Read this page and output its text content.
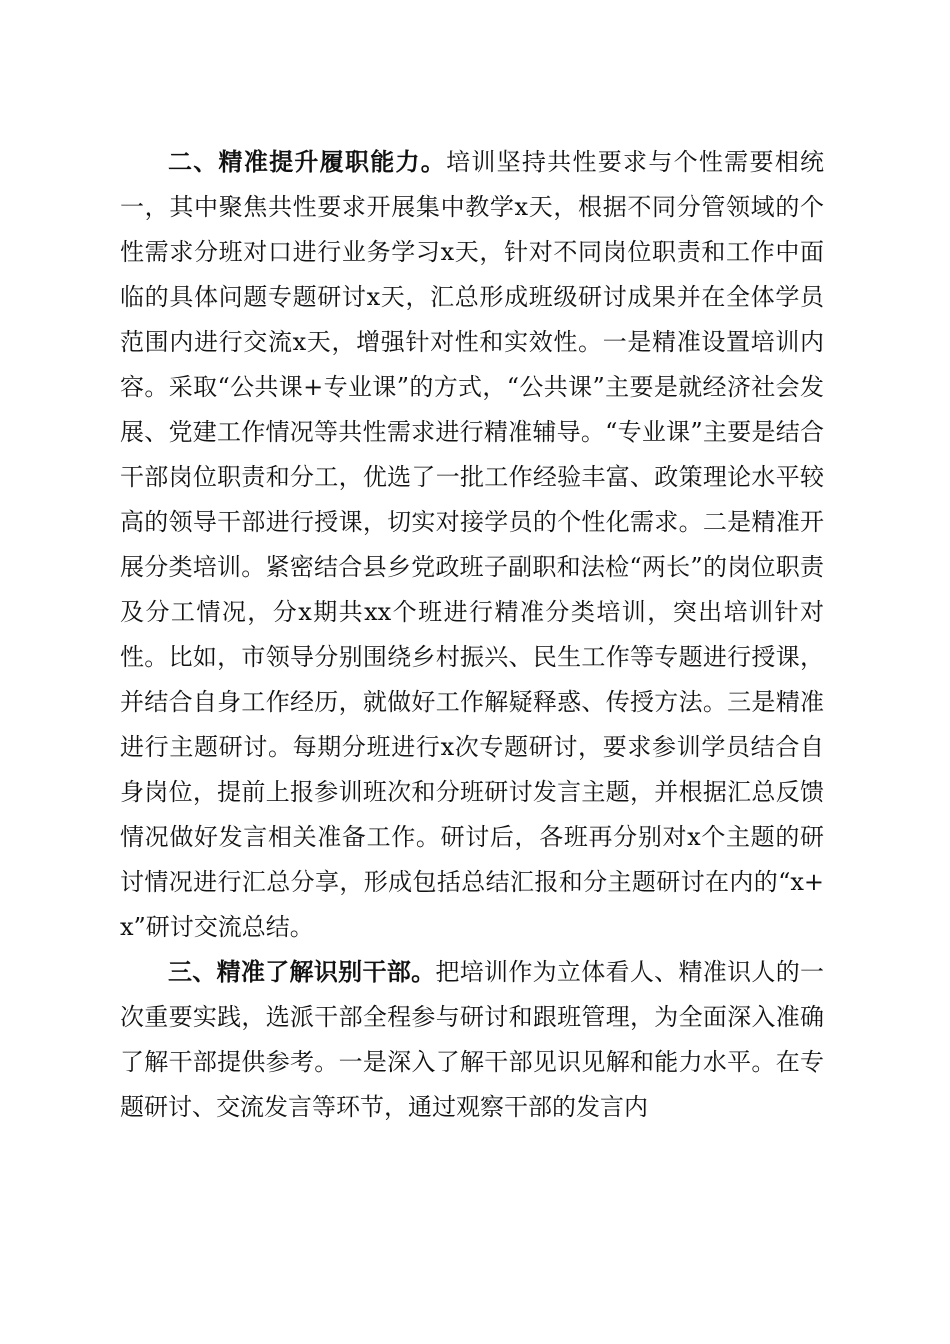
二、精准提升履职能力。培训坚持共性要求与个性需要相统一，其中聚焦共性要求开展集中教学x天，根据不同分管领域的个性需求分班对口进行业务学习x天，针对不同岗位职责和工作中面临的具体问题专题研讨x天，汇总形成班级研讨成果并在全体学员范围内进行交流x天，增强针对性和实效性。一是精准设置培训内容。采取“公共课+专业课”的方式，“公共课”主要是就经济社会发展、党建工作情况等共性需求进行精准辅导。“专业课”主要是结合干部岗位职责和分工，优选了一批工作经验丰富、政策理论水平较高的领导干部进行授课，切实对接学员的个性化需求。二是精准开展分类培训。紧密结合县乡党政班子副职和法检“两长”的岗位职责及分工情况，分x期共xx个班进行精准分类培训，突出培训针对性。比如，市领导分别围绕乡村振兴、民生工作等专题进行授课，并结合自身工作经历，就做好工作解疑释惑、传授方法。三是精准进行主题研讨。每期分班进行x次专题研讨，要求参训学员结合自身岗位，提前上报参训班次和分班研讨发言主题，并根据汇总反馈情况做好发言相关准备工作。研讨后，各班再分别对x个主题的研讨情况进行汇总分享，形成包括总结汇报和分主题研讨在内的“x+x”研讨交流总结。

三、精准了解识别干部。把培训作为立体看人、精准识人的一次重要实践，选派干部全程参与研讨和跟班管理，为全面深入准确了解干部提供参考。一是深入了解干部见识见解和能力水平。在专题研讨、交流发言等环节，通过观察干部的发言内
